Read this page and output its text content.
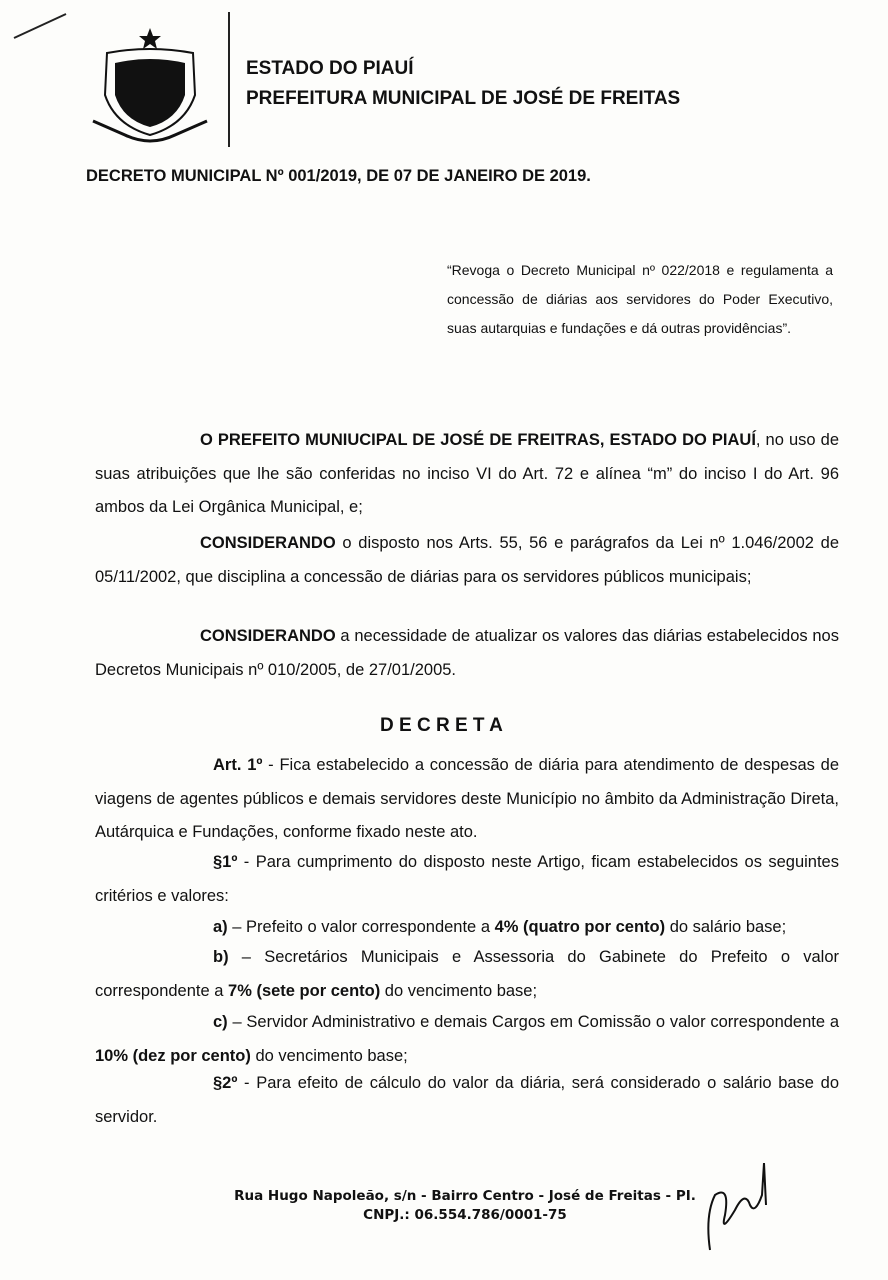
ESTADO DO PIAUÍ
PREFEITURA MUNICIPAL DE JOSÉ DE FREITAS
DECRETO MUNICIPAL Nº 001/2019, DE 07 DE JANEIRO DE 2019.
“Revoga o Decreto Municipal nº 022/2018 e regulamenta a concessão de diárias aos servidores do Poder Executivo, suas autarquias e fundações e dá outras providências”.
O PREFEITO MUNIUCIPAL DE JOSÉ DE FREITRAS, ESTADO DO PIAUÍ, no uso de suas atribuições que lhe são conferidas no inciso VI do Art. 72 e alínea “m” do inciso I do Art. 96 ambos da Lei Orgânica Municipal, e;
CONSIDERANDO o disposto nos Arts. 55, 56 e parágrafos da Lei nº 1.046/2002 de 05/11/2002, que disciplina a concessão de diárias para os servidores públicos municipais;
CONSIDERANDO a necessidade de atualizar os valores das diárias estabelecidos nos Decretos Municipais nº 010/2005, de 27/01/2005.
D E C R E T A
Art. 1º - Fica estabelecido a concessão de diária para atendimento de despesas de viagens de agentes públicos e demais servidores deste Município no âmbito da Administração Direta, Autárquica e Fundações, conforme fixado neste ato.
§1º - Para cumprimento do disposto neste Artigo, ficam estabelecidos os seguintes critérios e valores:
a) – Prefeito o valor correspondente a 4% (quatro por cento) do salário base;
b) – Secretários Municipais e Assessoria do Gabinete do Prefeito o valor correspondente a 7% (sete por cento) do vencimento base;
c) – Servidor Administrativo e demais Cargos em Comissão o valor correspondente a 10% (dez por cento) do vencimento base;
§2º - Para efeito de cálculo do valor da diária, será considerado o salário base do servidor.
Rua Hugo Napoleão, s/n - Bairro Centro - José de Freitas - PI.
CNPJ.: 06.554.786/0001-75
